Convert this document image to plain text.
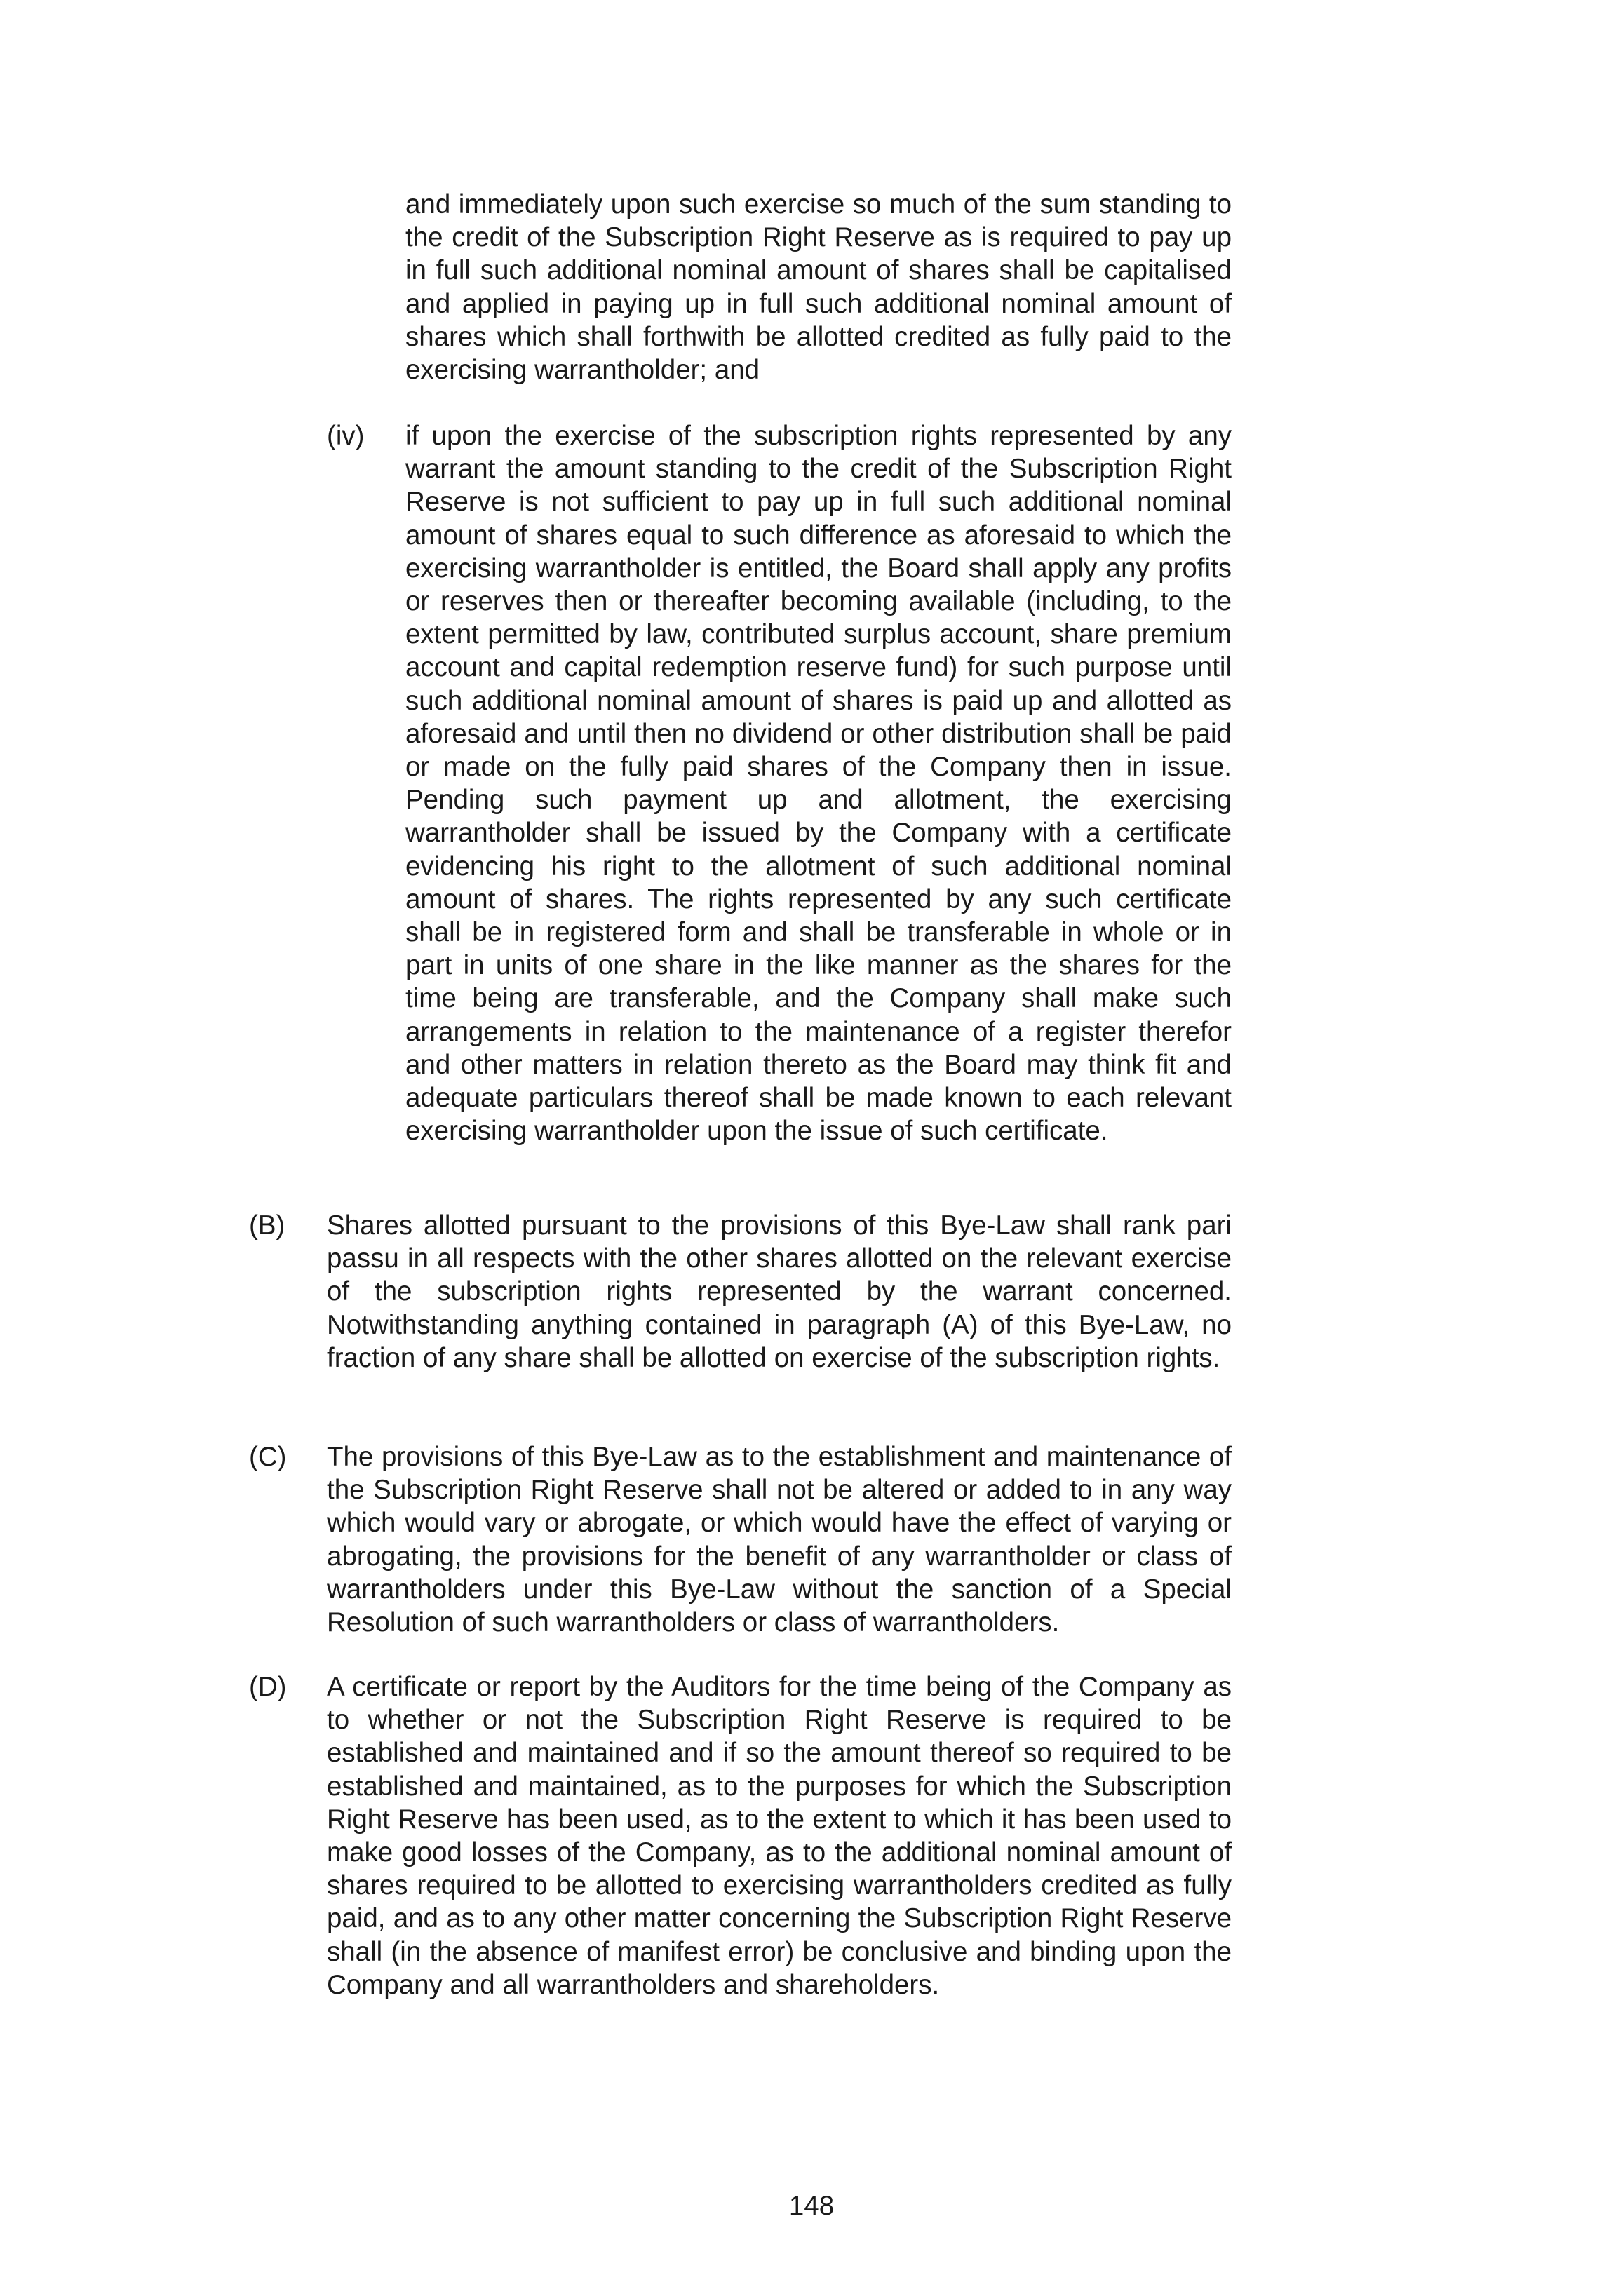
and immediately upon such exercise so much of the sum standing to the credit of the Subscription Right Reserve as is required to pay up in full such additional nominal amount of shares shall be capitalised and applied in paying up in full such additional nominal amount of shares which shall forthwith be allotted credited as fully paid to the exercising warrantholder; and

(iv) if upon the exercise of the subscription rights represented by any warrant the amount standing to the credit of the Subscription Right Reserve is not sufficient to pay up in full such additional nominal amount of shares equal to such difference as aforesaid to which the exercising warrantholder is entitled, the Board shall apply any profits or reserves then or thereafter becoming available (including, to the extent permitted by law, contributed surplus account, share premium account and capital redemption reserve fund) for such purpose until such additional nominal amount of shares is paid up and allotted as aforesaid and until then no dividend or other distribution shall be paid or made on the fully paid shares of the Company then in issue. Pending such payment up and allotment, the exercising warrantholder shall be issued by the Company with a certificate evidencing his right to the allotment of such additional nominal amount of shares. The rights represented by any such certificate shall be in registered form and shall be transferable in whole or in part in units of one share in the like manner as the shares for the time being are transferable, and the Company shall make such arrangements in relation to the maintenance of a register therefor and other matters in relation thereto as the Board may think fit and adequate particulars thereof shall be made known to each relevant exercising warrantholder upon the issue of such certificate.

(B) Shares allotted pursuant to the provisions of this Bye-Law shall rank pari passu in all respects with the other shares allotted on the relevant exercise of the subscription rights represented by the warrant concerned. Notwithstanding anything contained in paragraph (A) of this Bye-Law, no fraction of any share shall be allotted on exercise of the subscription rights.

(C) The provisions of this Bye-Law as to the establishment and maintenance of the Subscription Right Reserve shall not be altered or added to in any way which would vary or abrogate, or which would have the effect of varying or abrogating, the provisions for the benefit of any warrantholder or class of warrantholders under this Bye-Law without the sanction of a Special Resolution of such warrantholders or class of warrantholders.

(D) A certificate or report by the Auditors for the time being of the Company as to whether or not the Subscription Right Reserve is required to be established and maintained and if so the amount thereof so required to be established and maintained, as to the purposes for which the Subscription Right Reserve has been used, as to the extent to which it has been used to make good losses of the Company, as to the additional nominal amount of shares required to be allotted to exercising warrantholders credited as fully paid, and as to any other matter concerning the Subscription Right Reserve shall (in the absence of manifest error) be conclusive and binding upon the Company and all warrantholders and shareholders.

148
